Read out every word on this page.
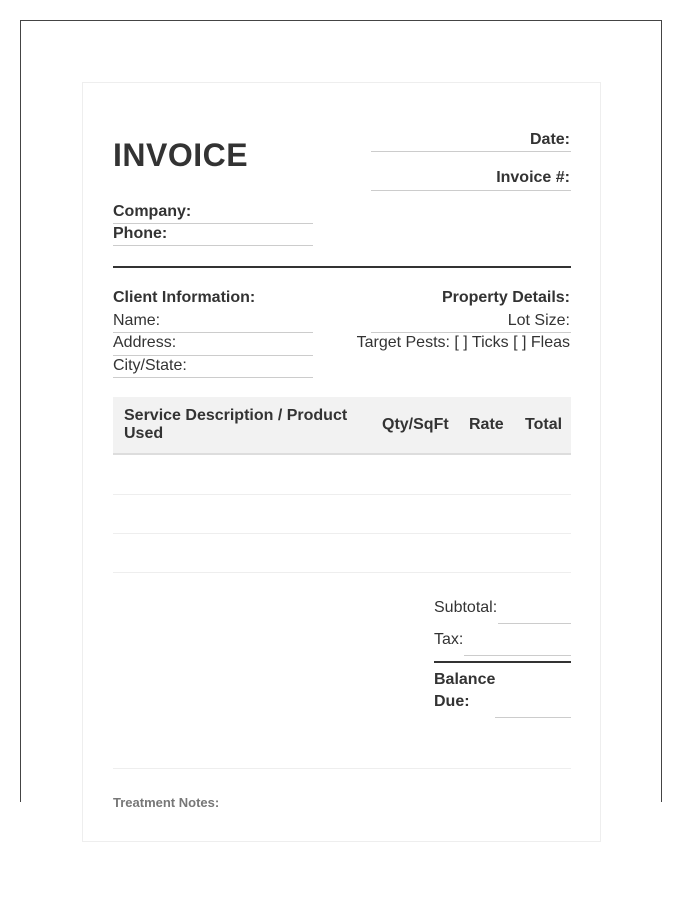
INVOICE	Date:
Invoice #:
Company:
Phone:
Client Information:	Property Details:
Name:
Address:
City/State:
Lot Size:
Target Pests: [ ] Ticks [ ] Fleas
Service Description / Product Used
Qty/SqFt Rate Total
Subtotal:
Tax:
Balance Due:
Treatment Notes:
